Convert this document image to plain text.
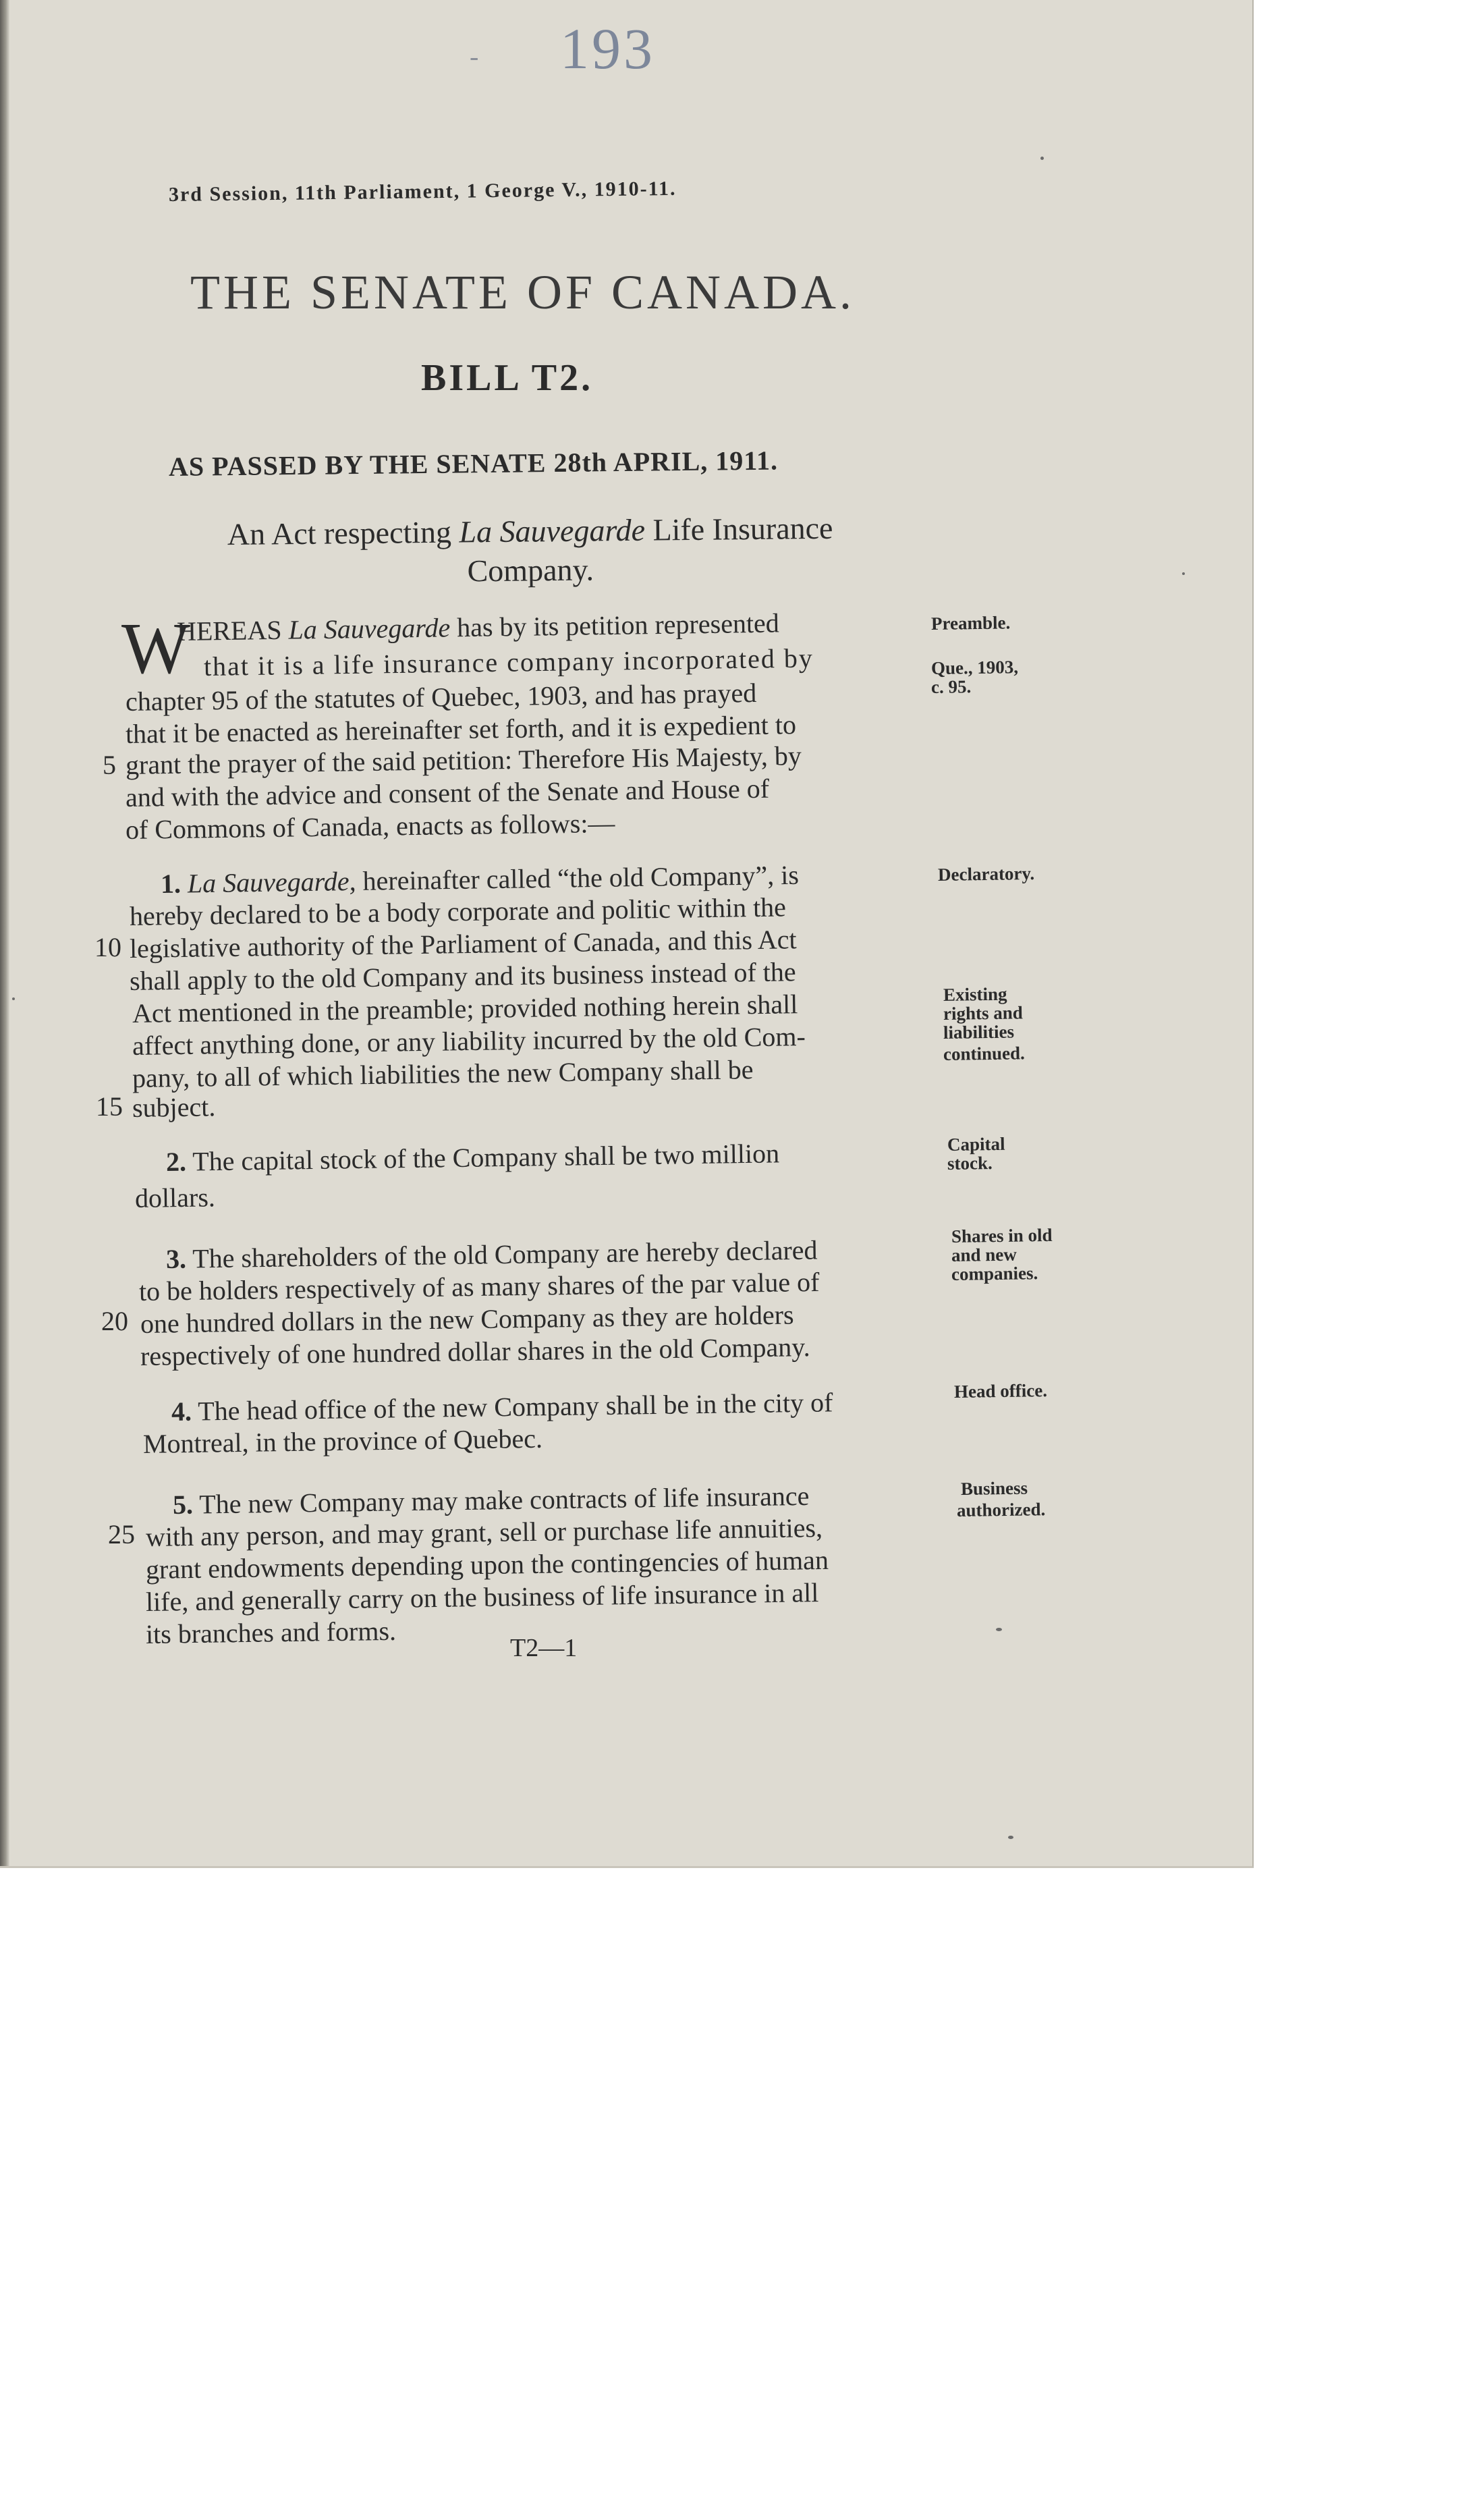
- 193
3rd Session, 11th Parliament, 1 George V., 1910-11.
THE SENATE OF CANADA.
BILL T2.
AS PASSED BY THE SENATE 28th APRIL, 1911.
An Act respecting La Sauvegarde Life Insurance
Company.
W
HEREAS La Sauvegarde has by its petition represented
that it is a life insurance company incorporated by
chapter 95 of the statutes of Quebec, 1903, and has prayed
that it be enacted as hereinafter set forth, and it is expedient to
5 grant the prayer of the said petition: Therefore His Majesty, by
and with the advice and consent of the Senate and House of
of Commons of Canada, enacts as follows:—
1. La Sauvegarde, hereinafter called “the old Company”, is
hereby declared to be a body corporate and politic within the
10 legislative authority of the Parliament of Canada, and this Act
shall apply to the old Company and its business instead of the
Act mentioned in the preamble; provided nothing herein shall
affect anything done, or any liability incurred by the old Com-
pany, to all of which liabilities the new Company shall be
15 subject.
2. The capital stock of the Company shall be two million
dollars.
3. The shareholders of the old Company are hereby declared
to be holders respectively of as many shares of the par value of
20 one hundred dollars in the new Company as they are holders
respectively of one hundred dollar shares in the old Company.
4. The head office of the new Company shall be in the city of
Montreal, in the province of Quebec.
5. The new Company may make contracts of life insurance
25 with any person, and may grant, sell or purchase life annuities,
grant endowments depending upon the contingencies of human
life, and generally carry on the business of life insurance in all
its branches and forms.	T2—1
Preamble.
Que., 1903,
c. 95.
Declaratory.
Existing
rights and
liabilities
continued.
Capital
stock.
Shares in old
and new
companies.
Head office.
Business
authorized.
